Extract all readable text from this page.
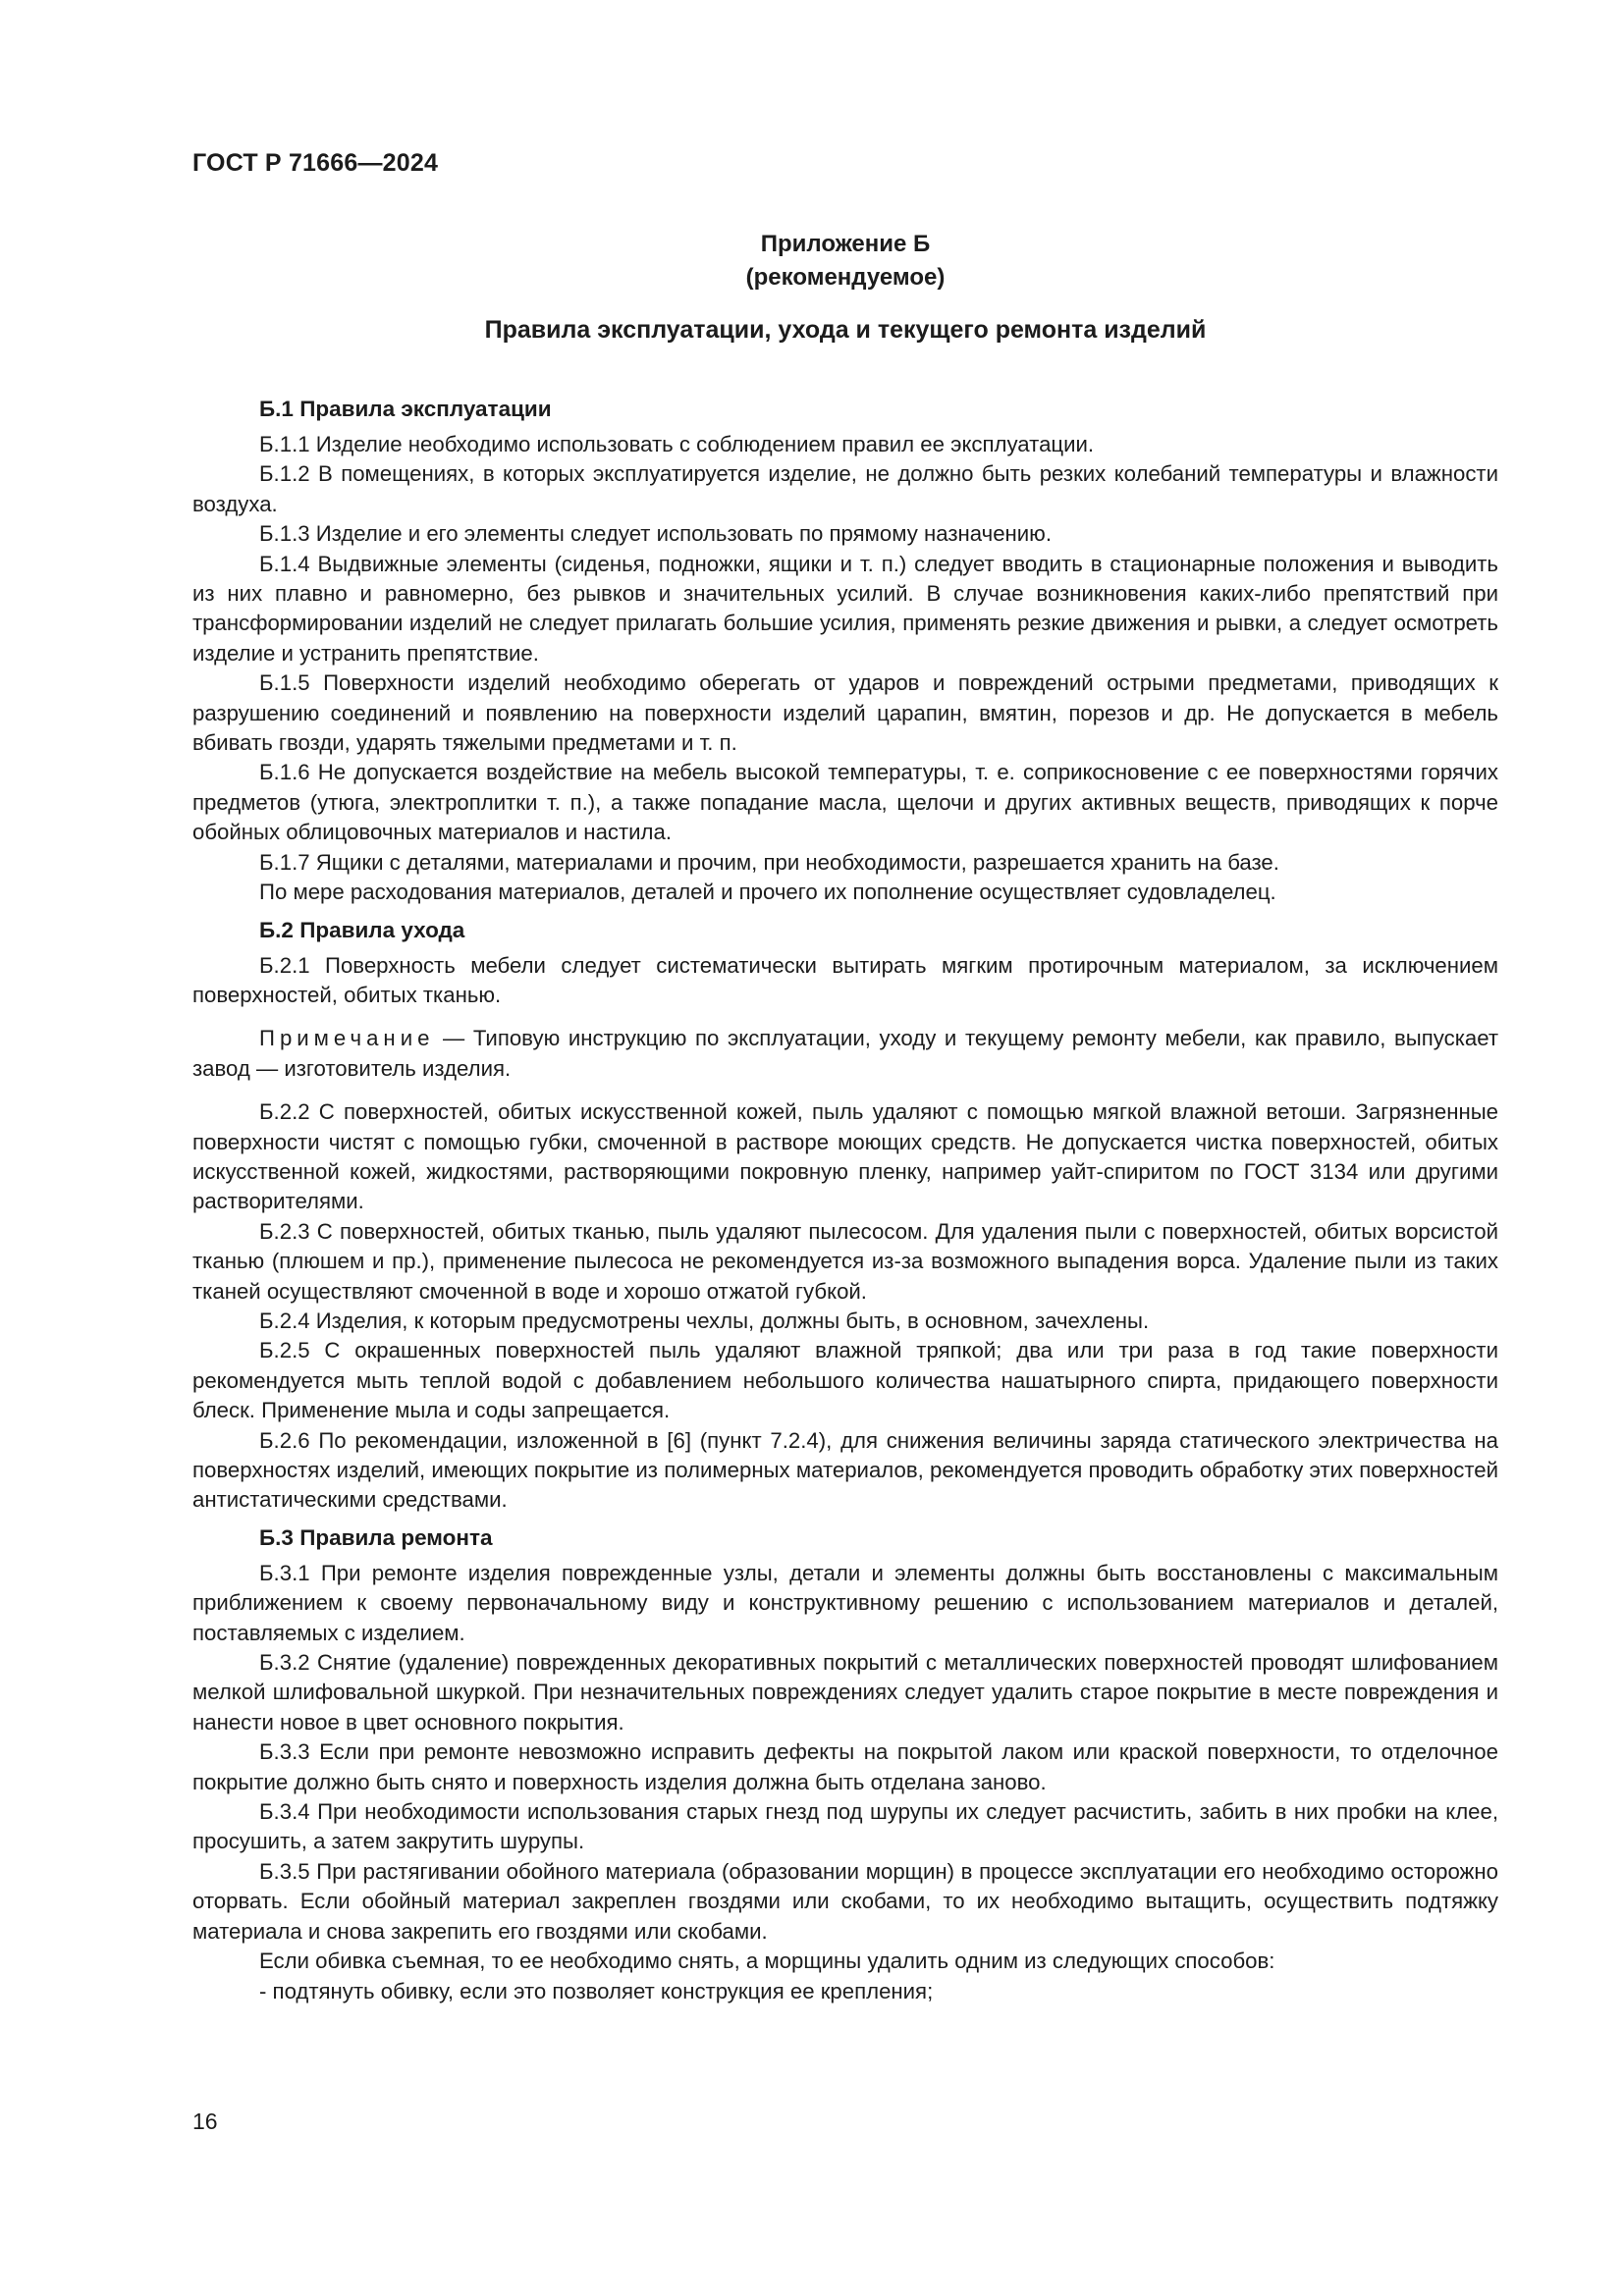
ГОСТ Р 71666—2024
Приложение Б
(рекомендуемое)
Правила эксплуатации, ухода и текущего ремонта изделий
Б.1 Правила эксплуатации

Б.1.1 Изделие необходимо использовать с соблюдением правил ее эксплуатации.

Б.1.2 В помещениях, в которых эксплуатируется изделие, не должно быть резких колебаний температуры и влажности воздуха.

Б.1.3 Изделие и его элементы следует использовать по прямому назначению.

Б.1.4 Выдвижные элементы (сиденья, подножки, ящики и т. п.) следует вводить в стационарные положения и выводить из них плавно и равномерно, без рывков и значительных усилий. В случае возникновения каких-либо препятствий при трансформировании изделий не следует прилагать большие усилия, применять резкие движения и рывки, а следует осмотреть изделие и устранить препятствие.

Б.1.5 Поверхности изделий необходимо оберегать от ударов и повреждений острыми предметами, приводящих к разрушению соединений и появлению на поверхности изделий царапин, вмятин, порезов и др. Не допускается в мебель вбивать гвозди, ударять тяжелыми предметами и т. п.

Б.1.6 Не допускается воздействие на мебель высокой температуры, т. е. соприкосновение с ее поверхностями горячих предметов (утюга, электроплитки т. п.), а также попадание масла, щелочи и других активных веществ, приводящих к порче обойных облицовочных материалов и настила.

Б.1.7 Ящики с деталями, материалами и прочим, при необходимости, разрешается хранить на базе.

По мере расходования материалов, деталей и прочего их пополнение осуществляет судовладелец.

Б.2 Правила ухода

Б.2.1 Поверхность мебели следует систематически вытирать мягким протирочным материалом, за исключением поверхностей, обитых тканью.

Примечание — Типовую инструкцию по эксплуатации, уходу и текущему ремонту мебели, как правило, выпускает завод — изготовитель изделия.

Б.2.2 С поверхностей, обитых искусственной кожей, пыль удаляют с помощью мягкой влажной ветоши. Загрязненные поверхности чистят с помощью губки, смоченной в растворе моющих средств. Не допускается чистка поверхностей, обитых искусственной кожей, жидкостями, растворяющими покровную пленку, например уайт-спиритом по ГОСТ 3134 или другими растворителями.

Б.2.3 С поверхностей, обитых тканью, пыль удаляют пылесосом. Для удаления пыли с поверхностей, обитых ворсистой тканью (плюшем и пр.), применение пылесоса не рекомендуется из-за возможного выпадения ворса. Удаление пыли из таких тканей осуществляют смоченной в воде и хорошо отжатой губкой.

Б.2.4 Изделия, к которым предусмотрены чехлы, должны быть, в основном, зачехлены.

Б.2.5 С окрашенных поверхностей пыль удаляют влажной тряпкой; два или три раза в год такие поверхности рекомендуется мыть теплой водой с добавлением небольшого количества нашатырного спирта, придающего поверхности блеск. Применение мыла и соды запрещается.

Б.2.6 По рекомендации, изложенной в [6] (пункт 7.2.4), для снижения величины заряда статического электричества на поверхностях изделий, имеющих покрытие из полимерных материалов, рекомендуется проводить обработку этих поверхностей антистатическими средствами.

Б.3 Правила ремонта

Б.3.1 При ремонте изделия поврежденные узлы, детали и элементы должны быть восстановлены с максимальным приближением к своему первоначальному виду и конструктивному решению с использованием материалов и деталей, поставляемых с изделием.

Б.3.2 Снятие (удаление) поврежденных декоративных покрытий с металлических поверхностей проводят шлифованием мелкой шлифовальной шкуркой. При незначительных повреждениях следует удалить старое покрытие в месте повреждения и нанести новое в цвет основного покрытия.

Б.3.3 Если при ремонте невозможно исправить дефекты на покрытой лаком или краской поверхности, то отделочное покрытие должно быть снято и поверхность изделия должна быть отделана заново.

Б.3.4 При необходимости использования старых гнезд под шурупы их следует расчистить, забить в них пробки на клее, просушить, а затем закрутить шурупы.

Б.3.5 При растягивании обойного материала (образовании морщин) в процессе эксплуатации его необходимо осторожно оторвать. Если обойный материал закреплен гвоздями или скобами, то их необходимо вытащить, осуществить подтяжку материала и снова закрепить его гвоздями или скобами.

Если обивка съемная, то ее необходимо снять, а морщины удалить одним из следующих способов:

- подтянуть обивку, если это позволяет конструкция ее крепления;
16
